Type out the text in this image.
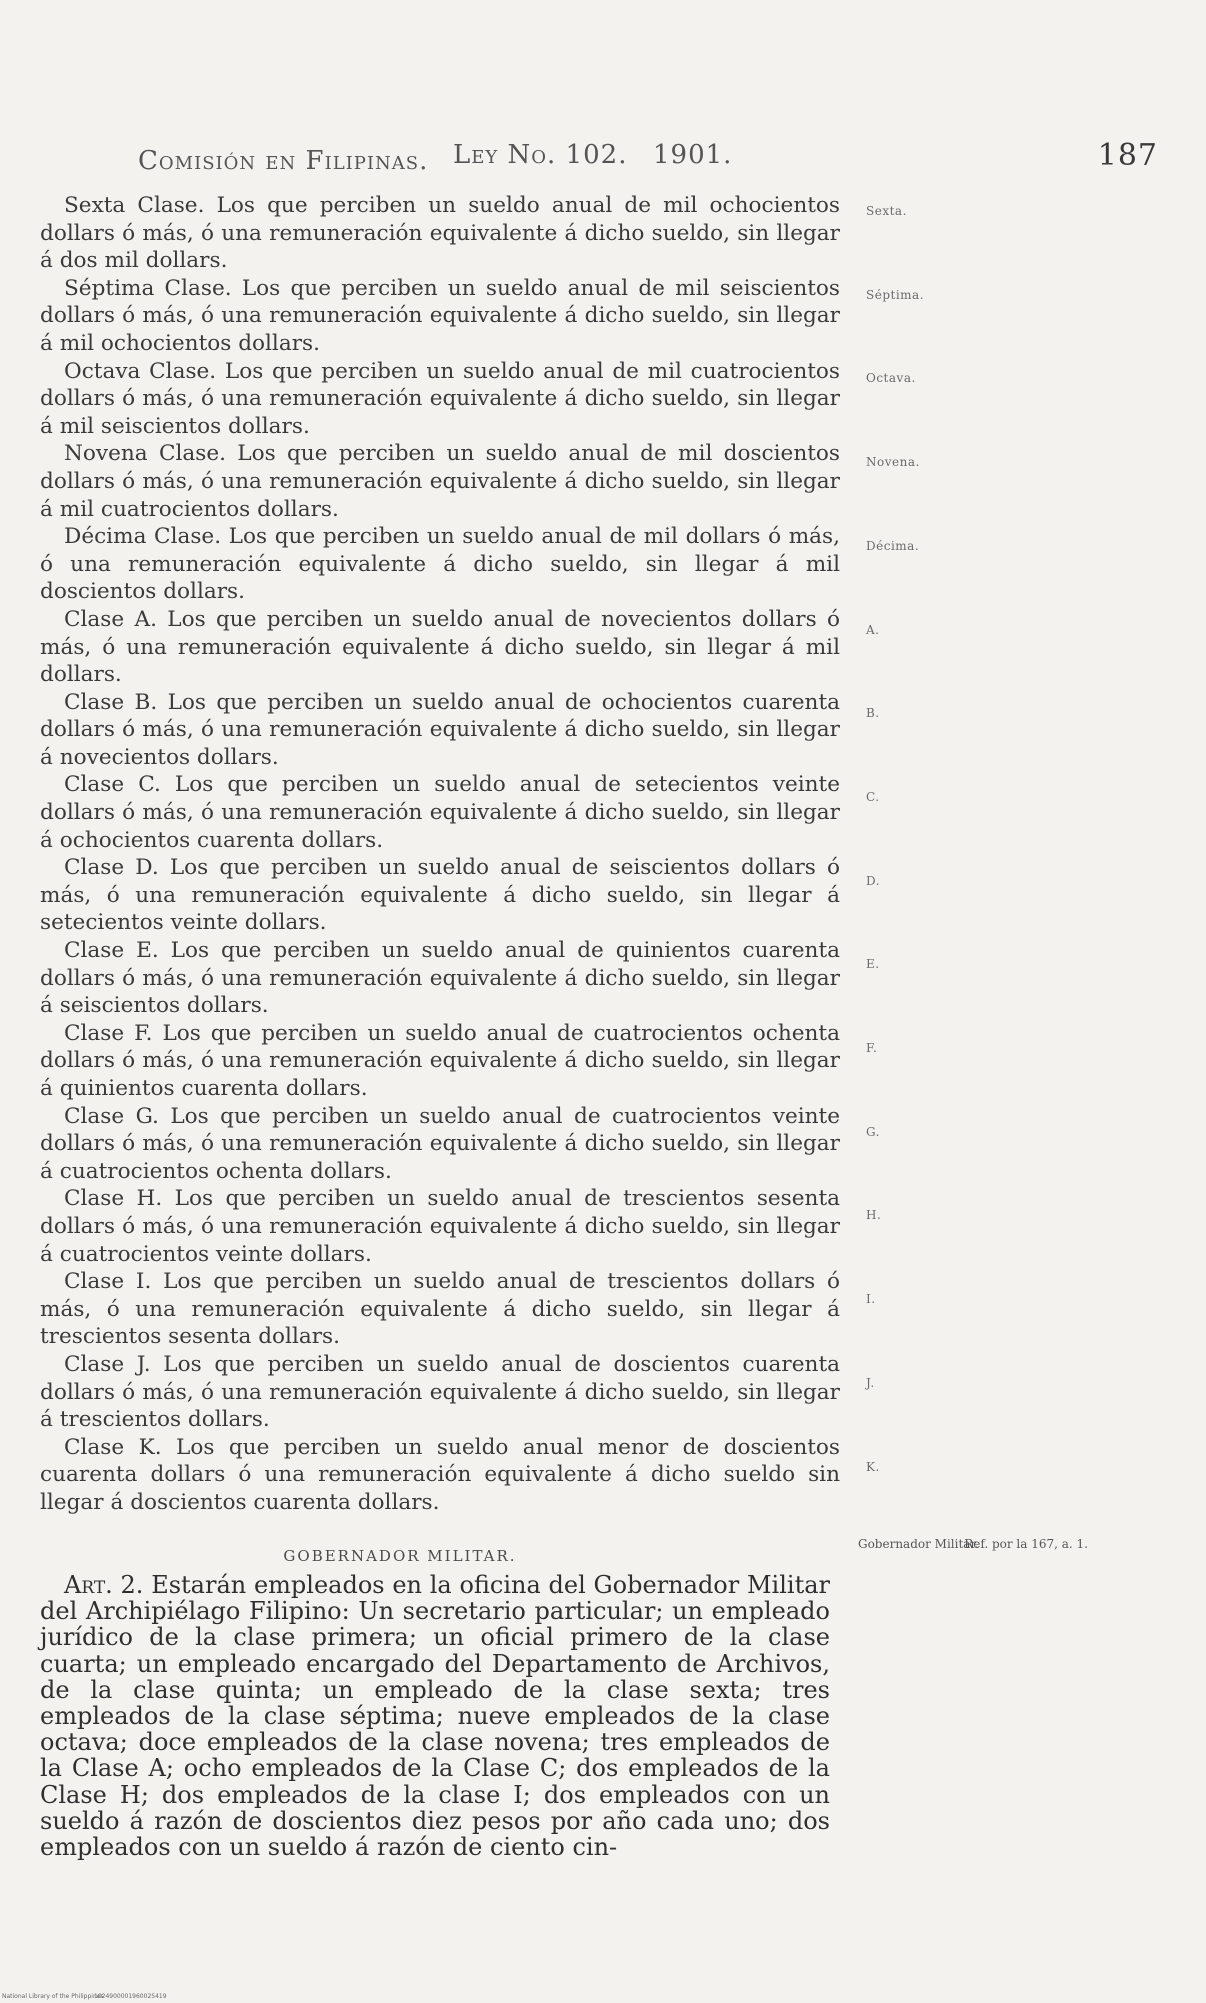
Comisión en Filipinas. Ley No. 102. 1901.	187

Sexta Clase. Los que perciben un sueldo anual de mil ochocientos dollars ó más, ó una remuneración equivalente á dicho sueldo, sin llegar á dos mil dollars.

Séptima Clase. Los que perciben un sueldo anual de mil seiscientos dollars ó más, ó una remuneración equivalente á dicho sueldo, sin llegar á mil ochocientos dollars.

Octava Clase. Los que perciben un sueldo anual de mil cuatrocientos dollars ó más, ó una remuneración equivalente á dicho sueldo, sin llegar á mil seiscientos dollars.

Novena Clase. Los que perciben un sueldo anual de mil doscientos dollars ó más, ó una remuneración equivalente á dicho sueldo, sin llegar á mil cuatrocientos dollars.

Décima Clase. Los que perciben un sueldo anual de mil dollars ó más, ó una remuneración equivalente á dicho sueldo, sin llegar á mil doscientos dollars.

Clase A. Los que perciben un sueldo anual de novecientos dollars ó más, ó una remuneración equivalente á dicho sueldo, sin llegar á mil dollars.

Clase B. Los que perciben un sueldo anual de ochocientos cuarenta dollars ó más, ó una remuneración equivalente á dicho sueldo, sin llegar á novecientos dollars.

Clase C. Los que perciben un sueldo anual de setecientos veinte dollars ó más, ó una remuneración equivalente á dicho sueldo, sin llegar á ochocientos cuarenta dollars.

Clase D. Los que perciben un sueldo anual de seiscientos dollars ó más, ó una remuneración equivalente á dicho sueldo, sin llegar á setecientos veinte dollars.

Clase E. Los que perciben un sueldo anual de quinientos cuarenta dollars ó más, ó una remuneración equivalente á dicho sueldo, sin llegar á seiscientos dollars.

Clase F. Los que perciben un sueldo anual de cuatrocientos ochenta dollars ó más, ó una remuneración equivalente á dicho sueldo, sin llegar á quinientos cuarenta dollars.

Clase G. Los que perciben un sueldo anual de cuatrocientos veinte dollars ó más, ó una remuneración equivalente á dicho sueldo, sin llegar á cuatrocientos ochenta dollars.

Clase H. Los que perciben un sueldo anual de trescientos sesenta dollars ó más, ó una remuneración equivalente á dicho sueldo, sin llegar á cuatrocientos veinte dollars.

Clase I. Los que perciben un sueldo anual de trescientos dollars ó más, ó una remuneración equivalente á dicho sueldo, sin llegar á trescientos sesenta dollars.

Clase J. Los que perciben un sueldo anual de doscientos cuarenta dollars ó más, ó una remuneración equivalente á dicho sueldo, sin llegar á trescientos dollars.

Clase K. Los que perciben un sueldo anual menor de doscientos cuarenta dollars ó una remuneración equivalente á dicho sueldo sin llegar á doscientos cuarenta dollars.

Sexta.
Séptima.
Octava.
Novena.
Décima.
A.
B.
C.
D.
E.
F.
G.
H.
I.
J.
K.
GOBERNADOR MILITAR.
Gobernador Militar.
Ref. por la 167, a. 1.
Art. 2. Estarán empleados en la oficina del Gobernador Militar del Archipiélago Filipino: Un secretario particular; un empleado jurídico de la clase primera; un oficial primero de la clase cuarta; un empleado encargado del Departamento de Archivos, de la clase quinta; un empleado de la clase sexta; tres empleados de la clase séptima; nueve empleados de la clase octava; doce empleados de la clase novena; tres empleados de la Clase A; ocho empleados de la Clase C; dos empleados de la Clase H; dos empleados de la clase I; dos empleados con un sueldo á razón de doscientos diez pesos por año cada uno; dos empleados con un sueldo á razón de ciento cin-
National Library of the Philippines
1024900001960025419
